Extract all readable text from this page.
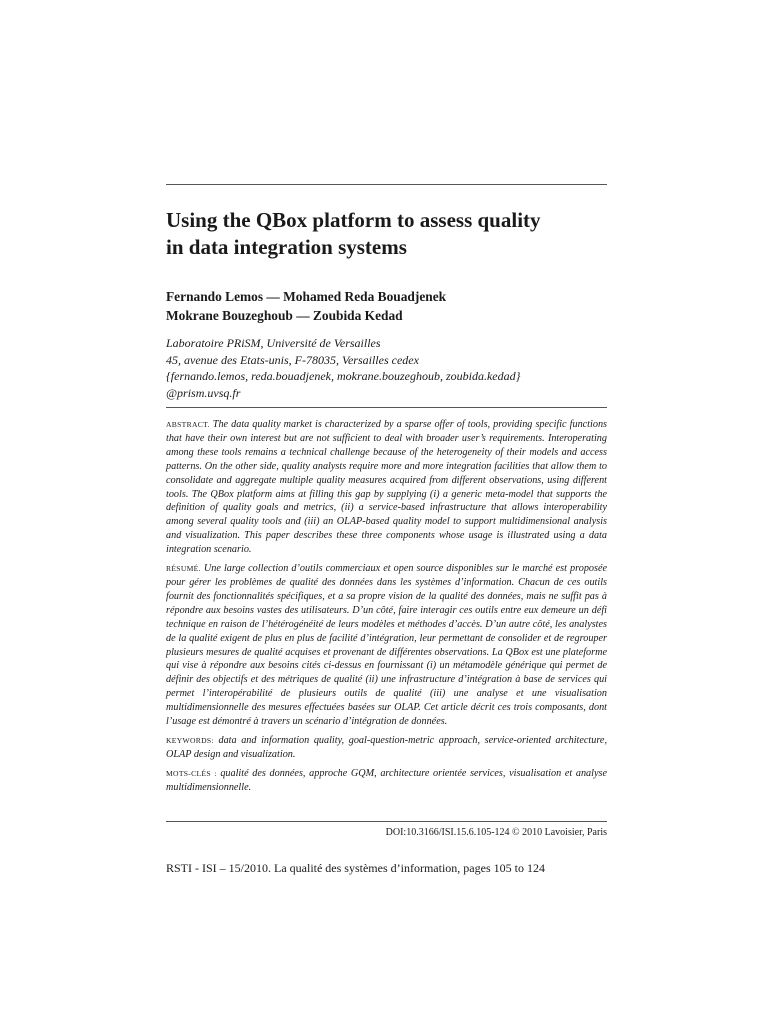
Using the QBox platform to assess quality
in data integration systems
Fernando Lemos — Mohamed Reda Bouadjenek
Mokrane Bouzeghoub — Zoubida Kedad
Laboratoire PRiSM, Université de Versailles
45, avenue des Etats-unis, F-78035, Versailles cedex
{fernando.lemos, reda.bouadjenek, mokrane.bouzeghoub, zoubida.kedad}
@prism.uvsq.fr

ABSTRACT. The data quality market is characterized by a sparse offer of tools, providing specific functions that have their own interest but are not sufficient to deal with broader user’s requirements. Interoperating among these tools remains a technical challenge because of the heterogeneity of their models and access patterns. On the other side, quality analysts require more and more integration facilities that allow them to consolidate and aggregate multiple quality measures acquired from different observations, using different tools. The QBox platform aims at filling this gap by supplying (i) a generic meta-model that supports the definition of quality goals and metrics, (ii) a service-based infrastructure that allows interoperability among several quality tools and (iii) an OLAP-based quality model to support multidimensional analysis and visualization. This paper describes these three components whose usage is illustrated using a data integration scenario.

RÉSUMÉ. Une large collection d’outils commerciaux et open source disponibles sur le marché est proposée pour gérer les problèmes de qualité des données dans les systèmes d’information. Chacun de ces outils fournit des fonctionnalités spécifiques, et a sa propre vision de la qualité des données, mais ne suffit pas à répondre aux besoins vastes des utilisateurs. D’un côté, faire interagir ces outils entre eux demeure un défi technique en raison de l’hétérogénéité de leurs modèles et méthodes d’accès. D’un autre côté, les analystes de la qualité exigent de plus en plus de facilité d’intégration, leur permettant de consolider et de regrouper plusieurs mesures de qualité acquises et provenant de différentes observations. La QBox est une plateforme qui vise à répondre aux besoins cités ci-dessus en fournissant (i) un métamodèle générique qui permet de définir des objectifs et des métriques de qualité (ii) une infrastructure d’intégration à base de services qui permet l’interopérabilité de plusieurs outils de qualité (iii) une analyse et une visualisation multidimensionnelle des mesures effectuées basées sur OLAP. Cet article décrit ces trois composants, dont l’usage est démontré à travers un scénario d’intégration de données.

KEYWORDS: data and information quality, goal-question-metric approach, service-oriented architecture, OLAP design and visualization.

MOTS-CLÉS : qualité des données, approche GQM, architecture orientée services, visualisation et analyse multidimensionnelle.

DOI:10.3166/ISI.15.6.105-124 © 2010 Lavoisier, Paris
RSTI - ISI – 15/2010. La qualité des systèmes d’information, pages 105 to 124
